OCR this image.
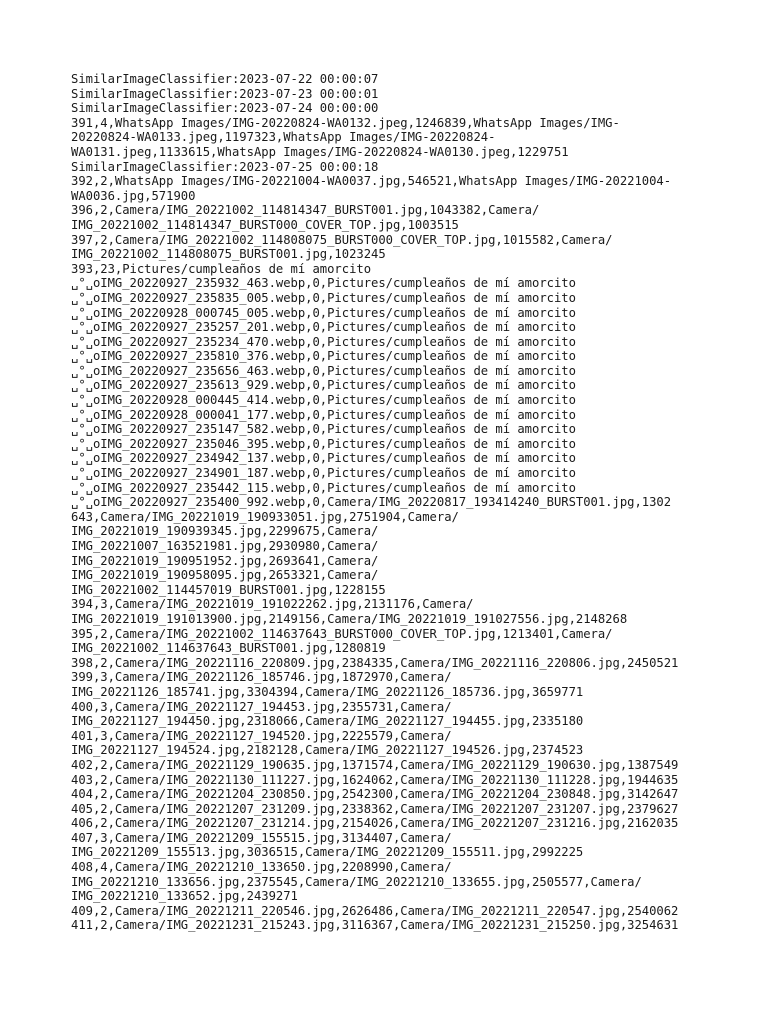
SimilarImageClassifier:2023-07-22 00:00:07
SimilarImageClassifier:2023-07-23 00:00:01
SimilarImageClassifier:2023-07-24 00:00:00
391,4,WhatsApp Images/IMG-20220824-WA0132.jpeg,1246839,WhatsApp Images/IMG-
20220824-WA0133.jpeg,1197323,WhatsApp Images/IMG-20220824-
WA0131.jpeg,1133615,WhatsApp Images/IMG-20220824-WA0130.jpeg,1229751
SimilarImageClassifier:2023-07-25 00:00:18
392,2,WhatsApp Images/IMG-20221004-WA0037.jpg,546521,WhatsApp Images/IMG-20221004-
WA0036.jpg,571900
396,2,Camera/IMG_20221002_114814347_BURST001.jpg,1043382,Camera/
IMG_20221002_114814347_BURST000_COVER_TOP.jpg,1003515
397,2,Camera/IMG_20221002_114808075_BURST000_COVER_TOP.jpg,1015582,Camera/
IMG_20221002_114808075_BURST001.jpg,1023245
393,23,Pictures/cumpleaños de mí amorcito
␣°␣oIMG_20220927_235932_463.webp,0,Pictures/cumpleaños de mí amorcito
␣°␣oIMG_20220927_235835_005.webp,0,Pictures/cumpleaños de mí amorcito
␣°␣oIMG_20220928_000745_005.webp,0,Pictures/cumpleaños de mí amorcito
␣°␣oIMG_20220927_235257_201.webp,0,Pictures/cumpleaños de mí amorcito
␣°␣oIMG_20220927_235234_470.webp,0,Pictures/cumpleaños de mí amorcito
␣°␣oIMG_20220927_235810_376.webp,0,Pictures/cumpleaños de mí amorcito
␣°␣oIMG_20220927_235656_463.webp,0,Pictures/cumpleaños de mí amorcito
␣°␣oIMG_20220927_235613_929.webp,0,Pictures/cumpleaños de mí amorcito
␣°␣oIMG_20220928_000445_414.webp,0,Pictures/cumpleaños de mí amorcito
␣°␣oIMG_20220928_000041_177.webp,0,Pictures/cumpleaños de mí amorcito
␣°␣oIMG_20220927_235147_582.webp,0,Pictures/cumpleaños de mí amorcito
␣°␣oIMG_20220927_235046_395.webp,0,Pictures/cumpleaños de mí amorcito
␣°␣oIMG_20220927_234942_137.webp,0,Pictures/cumpleaños de mí amorcito
␣°␣oIMG_20220927_234901_187.webp,0,Pictures/cumpleaños de mí amorcito
␣°␣oIMG_20220927_235442_115.webp,0,Pictures/cumpleaños de mí amorcito
␣°␣oIMG_20220927_235400_992.webp,0,Camera/IMG_20220817_193414240_BURST001.jpg,1302
643,Camera/IMG_20221019_190933051.jpg,2751904,Camera/
IMG_20221019_190939345.jpg,2299675,Camera/
IMG_20221007_163521981.jpg,2930980,Camera/
IMG_20221019_190951952.jpg,2693641,Camera/
IMG_20221019_190958095.jpg,2653321,Camera/
IMG_20221002_114457019_BURST001.jpg,1228155
394,3,Camera/IMG_20221019_191022262.jpg,2131176,Camera/
IMG_20221019_191013900.jpg,2149156,Camera/IMG_20221019_191027556.jpg,2148268
395,2,Camera/IMG_20221002_114637643_BURST000_COVER_TOP.jpg,1213401,Camera/
IMG_20221002_114637643_BURST001.jpg,1280819
398,2,Camera/IMG_20221116_220809.jpg,2384335,Camera/IMG_20221116_220806.jpg,2450521
399,3,Camera/IMG_20221126_185746.jpg,1872970,Camera/
IMG_20221126_185741.jpg,3304394,Camera/IMG_20221126_185736.jpg,3659771
400,3,Camera/IMG_20221127_194453.jpg,2355731,Camera/
IMG_20221127_194450.jpg,2318066,Camera/IMG_20221127_194455.jpg,2335180
401,3,Camera/IMG_20221127_194520.jpg,2225579,Camera/
IMG_20221127_194524.jpg,2182128,Camera/IMG_20221127_194526.jpg,2374523
402,2,Camera/IMG_20221129_190635.jpg,1371574,Camera/IMG_20221129_190630.jpg,1387549
403,2,Camera/IMG_20221130_111227.jpg,1624062,Camera/IMG_20221130_111228.jpg,1944635
404,2,Camera/IMG_20221204_230850.jpg,2542300,Camera/IMG_20221204_230848.jpg,3142647
405,2,Camera/IMG_20221207_231209.jpg,2338362,Camera/IMG_20221207_231207.jpg,2379627
406,2,Camera/IMG_20221207_231214.jpg,2154026,Camera/IMG_20221207_231216.jpg,2162035
407,3,Camera/IMG_20221209_155515.jpg,3134407,Camera/
IMG_20221209_155513.jpg,3036515,Camera/IMG_20221209_155511.jpg,2992225
408,4,Camera/IMG_20221210_133650.jpg,2208990,Camera/
IMG_20221210_133656.jpg,2375545,Camera/IMG_20221210_133655.jpg,2505577,Camera/
IMG_20221210_133652.jpg,2439271
409,2,Camera/IMG_20221211_220546.jpg,2626486,Camera/IMG_20221211_220547.jpg,2540062
411,2,Camera/IMG_20221231_215243.jpg,3116367,Camera/IMG_20221231_215250.jpg,3254631
